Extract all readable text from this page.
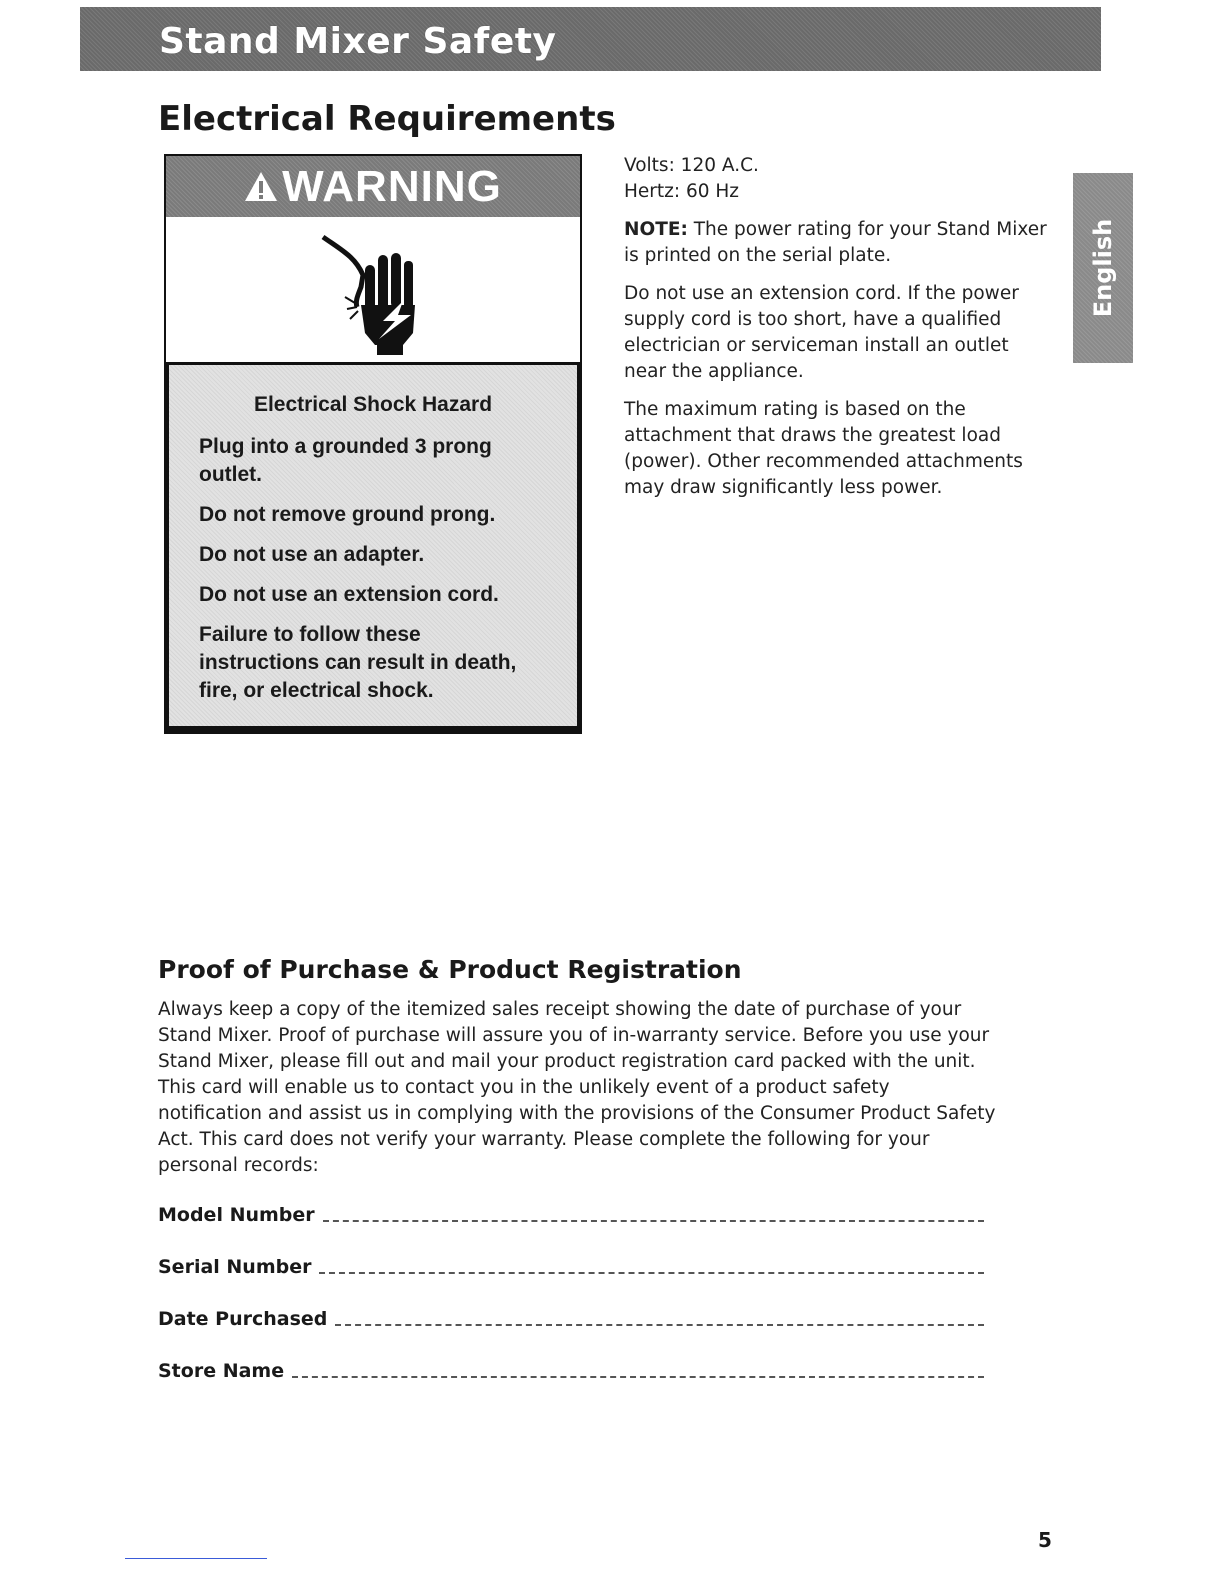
Stand Mixer Safety
Electrical Requirements
WARNING

Electrical Shock Hazard

Plug into a grounded 3 prong outlet.
Do not remove ground prong.
Do not use an adapter.
Do not use an extension cord.
Failure to follow these instructions can result in death, fire, or electrical shock.

Volts: 120 A.C.

Hertz: 60 Hz

NOTE: The power rating for your Stand Mixer is printed on the serial plate.

Do not use an extension cord. If the power supply cord is too short, have a qualified electrician or serviceman install an outlet near the appliance.

The maximum rating is based on the attachment that draws the greatest load (power). Other recommended attachments may draw significantly less power.

English
Proof of Purchase & Product Registration

Always keep a copy of the itemized sales receipt showing the date of purchase of your Stand Mixer. Proof of purchase will assure you of in-warranty service. Before you use your Stand Mixer, please fill out and mail your product registration card packed with the unit. This card will enable us to contact you in the unlikely event of a product safety notification and assist us in complying with the provisions of the Consumer Product Safety Act. This card does not verify your warranty. Please complete the following for your personal records:

Model Number
Serial Number
Date Purchased
Store Name
5
